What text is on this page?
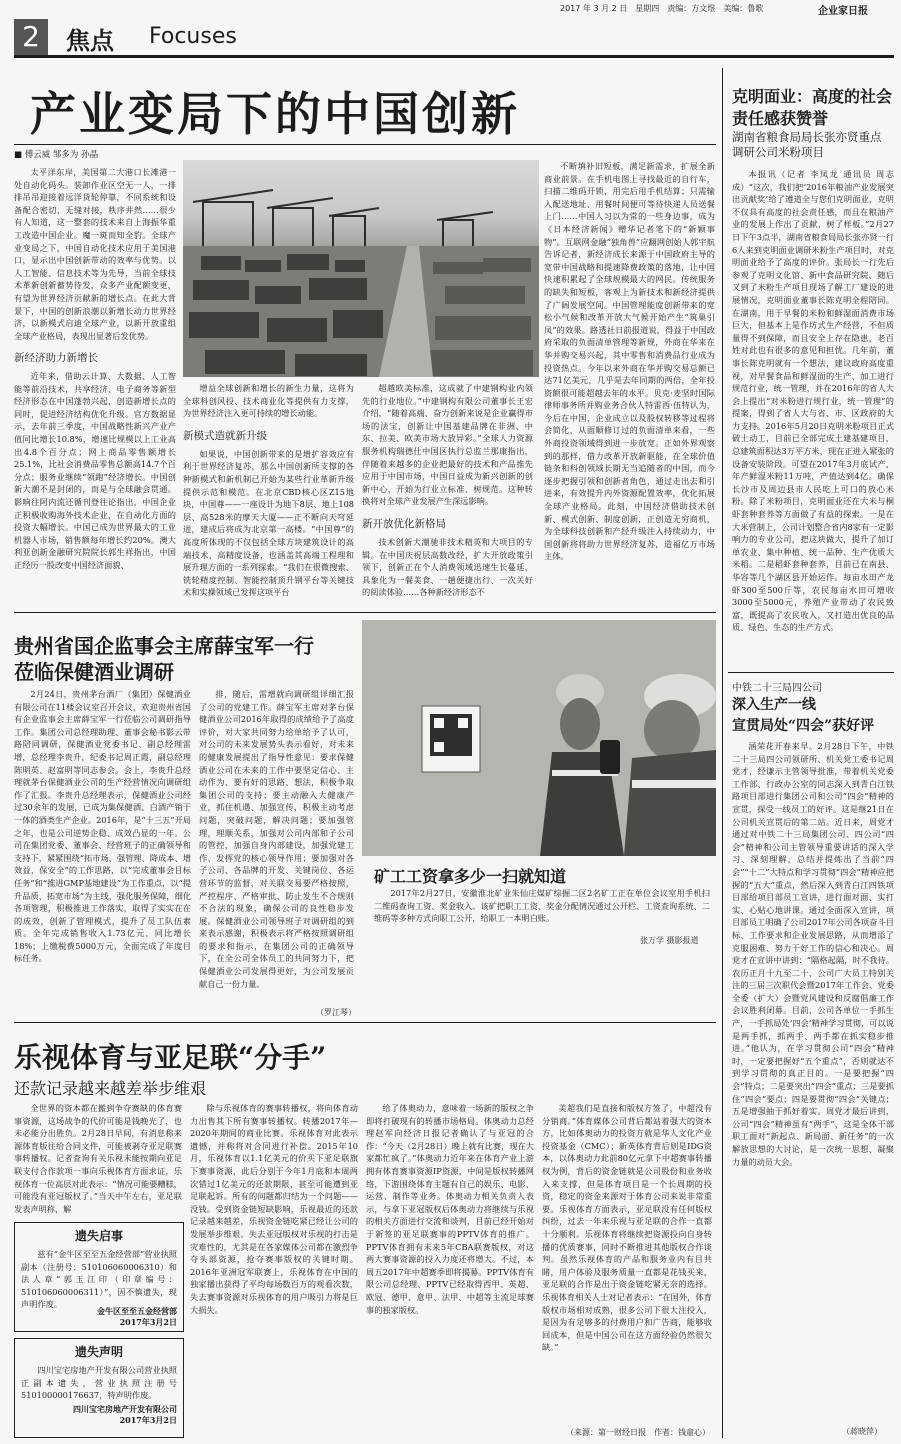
2017 年 3 月 2 日　星期四　责编：方文煜　美编：鲁歌	企业家日报
2	焦点 Focuses
产业变局下的中国创新
■ 傅云威 邹多为 孙晶

太平洋东岸，美国第二大港口长滩港一处自动化码头。装卸作业区空无一人，一排排吊吊迎接着远洋货轮停靠，不同系统和设备配合密切，无缝对接，秩序井然……很少有人知道，这一整套的技术来自上海振华重工改造中国企业。魔一斑而知全豹。全球产业变局之下，中国自动化技术应用于美国港口，显示出中国创新带动的效率与优势。以人工智能、信息技术等为先导，当前全球技术革新创新蓄势待发，众多产业配额变更，有望为世界经济贡献新的增长点。在此大背景下，中国的创新浪潮以新增长动力世界经济，以新模式启迪全球产业，以新开放重组全球产业格局，表现出显著后发优势。

新经济助力新增长

近年来，借助云计算、大数据、人工智能等前沿技术，共享经济、电子商务等新型经济形态在中国蓬勃兴起，创造新增长点的同时，促进经济结构优化升级。官方数据显示，去年前三季度，中国战略性新兴产业产值同比增长10.8%，增速比规模以上工业高出4.8个百分点；网上商品零售额增长25.1%，比社会消费品零售总额高14.7个百分点；服务业继续“领跑”经济增长。中国创新大潮不是封闭的，而是与全球融会贯通。影响往阿内流还循刊登往论指出，中国企业正积极收购海外技术企业，在自动化方面的投资大幅增长。中国已成为世界最大的工业机器人市场，销售额每年增长约20%。澳大利亚创新金融研究院院长郭生祥指出，中国正经历一股改变中国经济面貌、

增益全球创新和增长的新生力量，这将为全球科创风投、技术商业化等提供有力支撑，为世界经济注入更可持续的增长动能。

新模式造就新升级

如果说，中国创新带来的是增扩容效应有利于世界经济复苏，那么中国创新所支撑的各种新模式和新机制已开始为某些行业革新升级提供示范和模范。在北京CBD核心区Z15地块，中国尊——一座设计为地下8层、地上108层、高528米的摩天大厦——正不断向天穹延进，建成后将成为北京第一高楼。“中国尊”的高度所体现的不仅包括全球方块建筑设计的高端技术、高精度设备，也涵盖其高端工程理和展升理方面的一系列探索。“我们在很微搜索、铣轮精度控制、智能控制顶升钢平台等关键技术和实操领域已发挥这项平台

超越欧美标准，这成就了中建钢构业内领先的行业地位。”中建钢构有限公司董事长王宏介绍，“随着高端、奋力创新来说是企业赢得市场的法宝，创新让中国基建品牌在非洲、中东、拉美、欧美市场大放异彩。”全球人力资源服务机构瑞德仕中国区执行总监兰那康指出，伴随着来越多的企业把最好的技术和产品推先应用于中国市场，中国日益成为新兴创新的创新中心，开始为行业立标准、树规范。这种转换将对全球产业发展产生深远影响。

新开放优化新格局

技术创新大潮驰非技术精英和大项目的专辑。在中国庆祝层高数改经，扩大开放政策引领下，创新正在个人消费领域迅速生长蔓延，具象化为一餐美食、一趟便捷出行、一次关好的阅读体验……各种新经济形态不

不断填补旧短板，满足新需求，扩展全新商业前景。在手机电图上寻找最近的自行车，扫描二维码开锁，用完后用手机结算；只需输入配送地址、用餐时间便可等待快递人员送餐上门……中国人习以为常的一些身边事，成为《日本经济新闻》赠华记者笔下的“新颖事物”。互联网金融“独角兽”应翻网创始人郭宇航告诉记者，新经济成长来源于中国政府主导的宽带中国战略和提速降费政策的落地，让中国快速积累起了全球规模最大的网民。传统服务的缺失和短板，客观上为新技术和新经济提供了广阔发展空间。中国管理能度创新带来的宽松小气候和改革开放大气候开始产生“筑巢引凤”的效果。路透社日前报道说，得益于中国政府采取的负面清单管理等新规，外商在华来在华并购交易兴起，其中零售和消费品行业成为投资热点。今年以来外商在华并购交易总额已达71亿美元，几乎是去年同期的两倍，全年投资额很可能超越去年的水平。贝克·麦坚时国际律师事务所并购业务合伙人特雷西·伍特认为，今后在中国，企业成立以及股权转移等过程将会简化，从面顺修订过的负面清单来看，一些外商投资领域得到进一步放宽。正如外界观察到的那样，借力改革开放新驱能，在全球价值链条和科创领域长期无当追随者的中国，而今逐步把握引领和创新者角色，通过走出去和引进来，有效提升内外资源配置效率，优化拓展全球产业格局。此刻，中国经济借助技术创新、模式创新、制度创新，正创造无穷商机，为全球科技创新和产经升级注入持续动力，中国创新将将助力世界经济复苏，造福亿万市场主体。

克明面业：高度的社会责任感获赞誉
湖南省粮食局局长张亦贤重点调研公司米粉项目

本报讯（记者 李凤龙 通讯员 周志成）“这次，我们把‘2016年粮油产业发展突出贡献奖’给了遵道全与您们克明面业，克明不仅具有高度的社会责任感，而且在粮油产业的发展上作出了贡献，树了样板。”2月27日下午3点半，湖南省粮食局局长张亦贤一行6人来到克明面业调研米粉生产项目时，对克明面业给予了高度的评价。张局长一行先后参观了克明文化馆、新中食品研究院、随后又到了米粉生产项目现场了解工厂建设的进展情况，克明面业董事长陈克明全程陪同。在湖南，用于早餐的米粉和鲜湿面消费市场巨大，但基本上是作坊式生产经营，不但质量得不到保障，而且安全上存在隐患，老百姓对此也有很多的意见和担忧。几年前，董事长陈克明就有一个想法，建议政府高度重视，对早餐食品和鲜湿面的生产、加工进行规范行业，统一管理，并在2016年的省人大会上提出“对米粉进行规行业，统一管理”的提案，得到了省人大与省、市、区政府的大力支持。2016年5月20日克明米粉项目正式破土动工，目前已全部完成土建基建项目，总建筑面积达3万平方米，现在正进入紧张的设备安装阶段。可望在2017年3月底试产，年产鲜湿米粉11万吨，产值达到4亿。确保长沙市及周边县市人民吃上可口的放心米粉。除了米粉项目，克明面业还在大米与桐虾套种套养等方面做了有益的探索。一是在大米营制上，公司计划整合省内8家有一定影响力的专业公司，把这块做大，提升了加订单农业、集中种植、统一品种、生产优质大米稻。二是稻虾套种套养，目前已在南县、华容等几个湖区县开始运作。每亩水田产龙虾300至500斤等，农民每亩水田可增收3000至5000元，养殖产业带动了农民致富，既提高了农民收入，又打造出优良的品质、绿色、生态的生产方式。

中铁二十三局四公司
深入生产一线
宣贯局处“四会”获好评

涵荣花开春来早。2月28日下午，中铁二十三局四公司领研所、机关党工委书记周党才，经谦示主管领导批准，带着机关党委工作部、行政办公室的同志深入到青白江铁路项目部进行集团公司和公司“四会”精神的宣贯，探受一线员工的好评。这是继21日在公司机关宣贯后的第二站。近日来，周党才通过对中铁二十三局集团公司、四公司“四会”精神和公司主管领导重要讲话的深入学习、深刻理解，总结并提炼出了当前“四会”“十二”大特点和学习贯彻“四会”精神应把握的“五大”重点，然后深入到青白江四铁项目部给项目部员工宣讲，进行面对面、实打实、心贴心地讲课。通过全面深入宣讲，项目部员工明确了公司2017年公司各项奋斗目标、工作要求和企业发展思路，从而增添了克服困难、努力干好工作的信心和决心。周党才在宣讲中讲到：“隔格起隔，时不我待。农历正月十九至二十，公司广大员工特别关注的三届三次职代会暨2017年工作会、党委全委（扩大）会暨党风建设和反腐倡廉工作会议胜利闭幕。目前，公司各单位一手抓生产，一手抓局处‘四会’精神学习贯彻，可以说是两手抓，抓两手、两手都在抓实稳步推进。”他认为，在学习贯彻公司“四会”精神时，一定要把握好“五个重点”，否则就达不到学习贯彻的真正目的。一是要把握“四会”特点；二是要突出“四会”重点；三是要抓住“四会”要点；四是要贯彻“四会”关键点；五是增强抽于抓好着实。周党才最后讲到，公司“四会”精神虽有“两手”，这是全体干部职工面对“新起点、新局面、新任务”的一次解放思想的大讨论，是一次统一思想、凝聚力量的动员大会。

（蒋晓萍）
贵州省国企监事会主席薛宝军一行
莅临保健酒业调研

2月24日，贵州茅台酒厂（集团）保健酒业有限公司在11楼会议室召开会议，欢迎贵州省国有企业监事会主席薛宝军一行莅临公司调研指导工作。集团公司总经理助理、董事会秘书影云带路陪同调研，保健酒业党委书记、副总经理雷增，总经理李贵升，纪委书记周正霞，副总经理陈明英、赵富明等同志参会。会上，李贵升总经理就茅台保健酒业公司的生产经营情况向调研组作了汇报。李贵升总经理表示，保健酒业公司经过30余年的发展，已成为集保健酒、白酒产销于一体的酒类生产企业。2016年，是“十三五”开局之年，也是公司逆势企稳、成效凸显的一年。公司在集团党委、董事会、经营班子的正确领导和支持下，紧紧围绕“拓市场、强管理、降成本、增效益，保安全”的工作思路，以“完成董事会目标任务”和“推进GMP基地建设”为工作重点，以“提升品质、拓宽市场”为主线，强化服务保障，细化各项管理，积极推进工作落实，取得了实实在在的成效，创新了管理模式，提升了员工队伍素质。全年完成销售收入1.73亿元，同比增长18%；上缴税费5000万元，全面完成了年度目标任务。

排，随后，雷增就向调研组详细汇报了公司的党建工作。薛宝军主席对茅台保健酒业公司2016年取得的成绩给予了高度评价，对大家共同努力给单给予了认可，对公司的未来发展势头表示看好，对未来的健康发展提出了指导性意见：要求保健酒业公司在未来的工作中要坚定信心、主动作为、要有好的思路、想法，积极争取集团公司的支持；要主动融入大健康产业，抓住机遇、加强宣传，积极主动考虑问题，突破问题，解决问题；要加强管理，理顺关系，加强对公司内部和子公司的管控，加强自身内部建设，加强党建工作、发挥党的核心领导作用；要加强对各子公司、各品牌的开发、关键岗位、各运营环节的监督，对关联交易要严格按照，严控程序、严格审批、防止发生不合规则不合法的现象，确保公司的良性稳步发展。保健酒业公司领导班子对调研组的到来表示感谢，积极表示将严格按照调研组的要求和指示，在集团公司的正确领导下，在全公司全体员工的共同努力下，把保健酒业公司发展得更好，为公司发展贡献自己一份力量。

（罗江琴）
矿工工资拿多少一扫就知道

2017年2月27日，安徽淮北矿业朱仙庄煤矿综掘二区2名矿工正在单位会议室用手机扫二维码查询工资、奖金收入。该矿把职工工资、奖金分配情况通过公开栏、工资查询系统、二维码等多种方式向职工公开，给职工一本明白账。

张万学 摄影报道
乐视体育与亚足联“分手”
还款记录越来越差举步维艰

全世界的资本都在搬到争夺赛缺的体育赛事资源，这场战争的代价可能是钱晚光了，也未必能分出胜负。2月28日早间，有消息称来源体育版往给合同文件，可能被剥夺亚足联赛事转播权。记者查询有关乐视未能按期向亚足联支付合作款项一事向乐视体育方面求证，乐视体育一位高层对此表示：“情况可能要糟糕，可能没有亚冠版权了。”当天中午左右，亚足联发表声明称，解

除与乐视体育的赛事转播权，将向体育动力出售其下所有赛事转播权。转播2017年—2020年期间的商业比赛。乐视体育对此表示遗憾，并称将对合同进行补偿。2015年10月，乐视体育以1.1亿美元的价买下亚足联旗下赛事资源，此后分别于今年1月底和本周两次错过1亿美元的还款期限，甚至可能遭到亚足联起诉。所有的问题都归结为一个问题——没钱。受到资金链短缺影响，乐视最近的还款记录越来越差，乐视资金链吃紧已经让公司的发展举步维艰。失去亚冠版权对乐视的打击是灾难性的，尤其是在各家媒体公司都在激烈争夺头部资源，抢夺赛事版权的关键时期。2016年亚洲冠军联赛上，乐视体育在中国的独家播出获得了平均每场数百万的观看次数，失去赛事资源对乐视体育的用户吸引力将是巨大损失。

给了体奥动力，意味着一场新的版权之争即将打破现有的转播市场格局。体奥动力总经理赵军向经济日报记者确认了与亚冠的合作：“今天（2月28日）晚上就有比赛，现在大家都忙疯了。”体奥动力近年来在体育产业上游拥有体育赛事资源IP资源，中间是版权转播网络，下游围绕体育主题有自己的娱乐、电影、运营、制作等业务。体奥动力相关负责人表示，与拿下亚冠版权后体奥动力将继续与乐视的相关方面进行交流和谈判，目前已经开始对于新签的亚足联赛事的PPTV体育的推广。PPTV体育拥有未来5年CBA联赛版权，对这两大赛事资源的投入力度还将增大。不过，本周五2017年中超赛季即将揭幕。PPTV体育有限公司总经理、PPTV已经取得西甲、英超、欧冠、德甲、意甲、法甲、中超等主流足球赛事的独家版权。

美超我们是直接和版权方签了，中超没有分销商。”体育媒体公司背后都站着强大的资本方，比如体奥动力的投资方就是华人文化产业投资基金（CMC）；新英体育背后则是IDG资本，以体奥动力此前80亿元拿下中超赛事转播权为例，背后的资金链就是公司股份和业务收入来支撑，但是体育项目是一个长周期的投资，稳定的资金来源对于体育公司来说非常重要。乐视体育方面表示，亚足联没有任何版权纠纷，过去一年来乐视与亚足联的合作一直都十分顺利。乐视体育将继续把资源投向自身转播的优质赛事，同时不断推进其他版权合作谈判。虽然乐视体育的产品和服务业内有目共睹，用户体验及服务质量一直都是花钱买来，亚足联的合作是出于资金链吃紧无奈的选择。乐视体育相关人士对记者表示：“在国外，体育版权市场相对成熟，很多公司下很大注投入，是因为有足够多的付费用户和广告商，能够收回成本，但是中国公司在这方面经验仍然很欠缺。”

（来源：第一财经日报　作者：钱童心）
遗失启事

兹有“金牛区至至五金经营部”营业执照副本（注册号：510106060006310）和法人章“郭玉江印（印章编号：510106060006311）”，因不慎遗失，现声明作废。

金牛区至至五金经营部
2017年3月2日
遗失声明

四川宝宅房地产开发有限公司营业执照正副本遗失，营业执照注册号510100000176637，特声明作废。

四川宝宅房地产开发有限公司
2017年3月2日
